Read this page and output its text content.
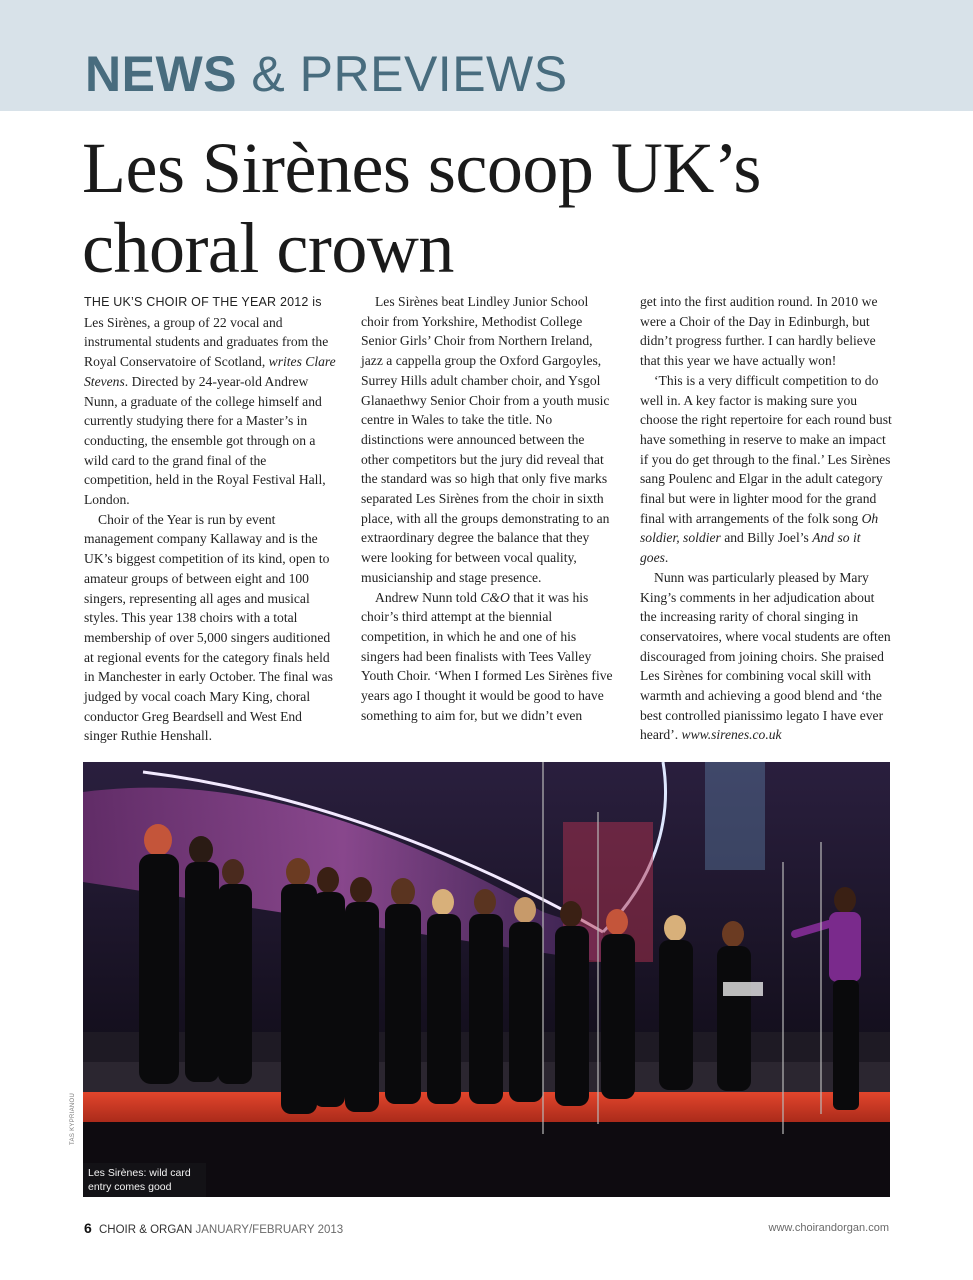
NEWS & PREVIEWS
Les Sirènes scoop UK’s choral crown

THE UK’S CHOIR OF THE YEAR 2012 is Les Sirènes, a group of 22 vocal and instrumental students and graduates from the Royal Conservatoire of Scotland, writes Clare Stevens. Directed by 24-year-old Andrew Nunn, a graduate of the college himself and currently studying there for a Master’s in conducting, the ensemble got through on a wild card to the grand final of the competition, held in the Royal Festival Hall, London.

Choir of the Year is run by event management company Kallaway and is the UK’s biggest competition of its kind, open to amateur groups of between eight and 100 singers, representing all ages and musical styles. This year 138 choirs with a total membership of over 5,000 singers auditioned at regional events for the category finals held in Manchester in early October. The final was judged by vocal coach Mary King, choral conductor Greg Beardsell and West End singer Ruthie Henshall.

Les Sirènes beat Lindley Junior School choir from Yorkshire, Methodist College Senior Girls’ Choir from Northern Ireland, jazz a cappella group the Oxford Gargoyles, Surrey Hills adult chamber choir, and Ysgol Glanaethwy Senior Choir from a youth music centre in Wales to take the title. No distinctions were announced between the other competitors but the jury did reveal that the standard was so high that only five marks separated Les Sirènes from the choir in sixth place, with all the groups demonstrating to an extraordinary degree the balance that they were looking for between vocal quality, musicianship and stage presence.

Andrew Nunn told C&O that it was his choir’s third attempt at the biennial competition, in which he and one of his singers had been finalists with Tees Valley Youth Choir. ‘When I formed Les Sirènes five years ago I thought it would be good to have something to aim for, but we didn’t even

get into the first audition round. In 2010 we were a Choir of the Day in Edinburgh, but didn’t progress further. I can hardly believe that this year we have actually won!

‘This is a very difficult competition to do well in. A key factor is making sure you choose the right repertoire for each round bust have something in reserve to make an impact if you do get through to the final.’ Les Sirènes sang Poulenc and Elgar in the adult category final but were in lighter mood for the grand final with arrangements of the folk song Oh soldier, soldier and Billy Joel’s And so it goes.

Nunn was particularly pleased by Mary King’s comments in her adjudication about the increasing rarity of choral singing in conservatoires, where vocal students are often discouraged from joining choirs. She praised Les Sirènes for combining vocal skill with warmth and achieving a good blend and ‘the best controlled pianissimo legato I have ever heard’. www.sirenes.co.uk

Les Sirènes: wild card
entry comes good
TAS KYPRIANOU
6 CHOIR & ORGAN JANUARY/FEBRUARY 2013	www.choirandorgan.com
